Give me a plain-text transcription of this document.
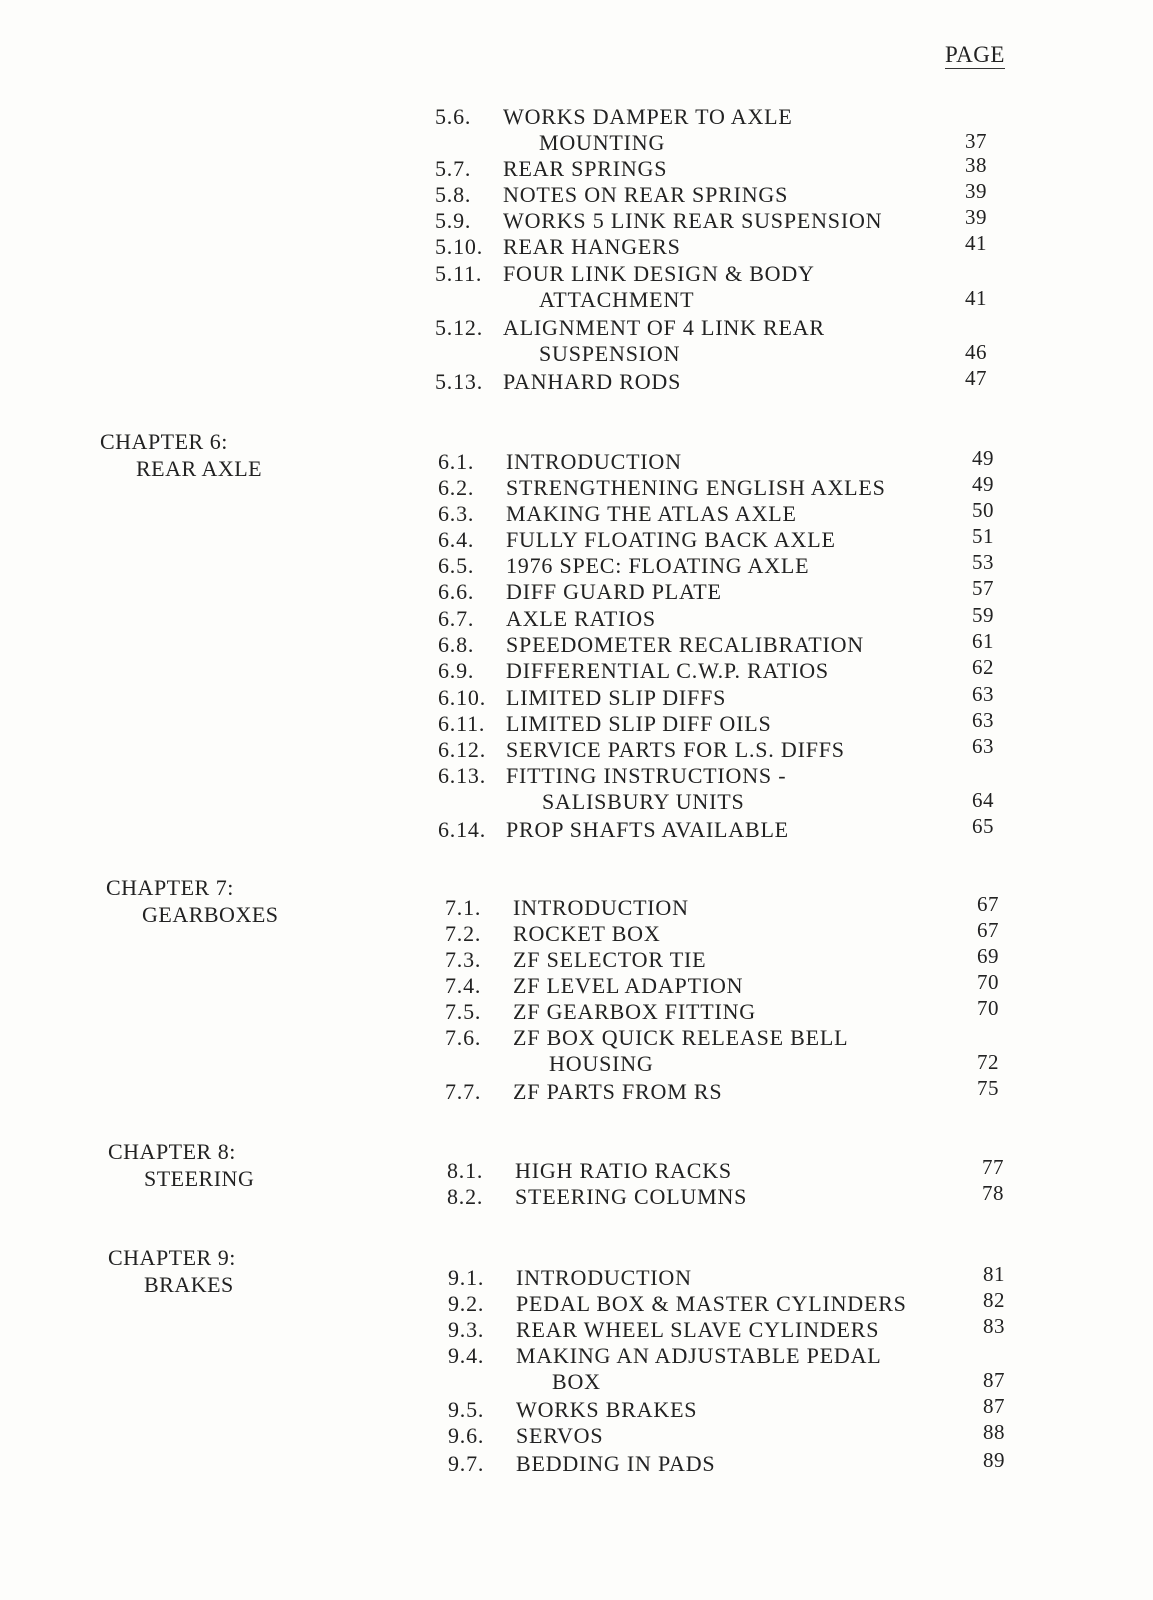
PAGE
5.6. WORKS DAMPER TO AXLE
MOUNTING	37
5.7. REAR SPRINGS	38
5.8. NOTES ON REAR SPRINGS	39
5.9. WORKS 5 LINK REAR SUSPENSION	39
5.10. REAR HANGERS	41
5.11. FOUR LINK DESIGN & BODY
ATTACHMENT	41
5.12. ALIGNMENT OF 4 LINK REAR
SUSPENSION	46
5.13. PANHARD RODS	47
CHAPTER 6:
REAR AXLE	6.1. INTRODUCTION	49
6.2. STRENGTHENING ENGLISH AXLES	49
6.3. MAKING THE ATLAS AXLE	50
6.4. FULLY FLOATING BACK AXLE	51
6.5. 1976 SPEC: FLOATING AXLE	53
6.6. DIFF GUARD PLATE	57
6.7. AXLE RATIOS	59
6.8. SPEEDOMETER RECALIBRATION	61
6.9. DIFFERENTIAL C.W.P. RATIOS	62
6.10. LIMITED SLIP DIFFS	63
6.11. LIMITED SLIP DIFF OILS	63
6.12. SERVICE PARTS FOR L.S. DIFFS	63
6.13. FITTING INSTRUCTIONS -
SALISBURY UNITS	64
6.14. PROP SHAFTS AVAILABLE	65
CHAPTER 7:
GEARBOXES	7.1. INTRODUCTION	67
7.2. ROCKET BOX	67
7.3. ZF SELECTOR TIE	69
7.4. ZF LEVEL ADAPTION	70
7.5. ZF GEARBOX FITTING	70
7.6. ZF BOX QUICK RELEASE BELL
HOUSING	72
7.7. ZF PARTS FROM RS	75
CHAPTER 8:
STEERING	8.1. HIGH RATIO RACKS	77
8.2. STEERING COLUMNS	78
CHAPTER 9:
BRAKES	9.1. INTRODUCTION	81
9.2. PEDAL BOX & MASTER CYLINDERS	82
9.3. REAR WHEEL SLAVE CYLINDERS	83
9.4. MAKING AN ADJUSTABLE PEDAL
BOX	87
9.5. WORKS BRAKES	87
9.6. SERVOS	88
9.7. BEDDING IN PADS	89
